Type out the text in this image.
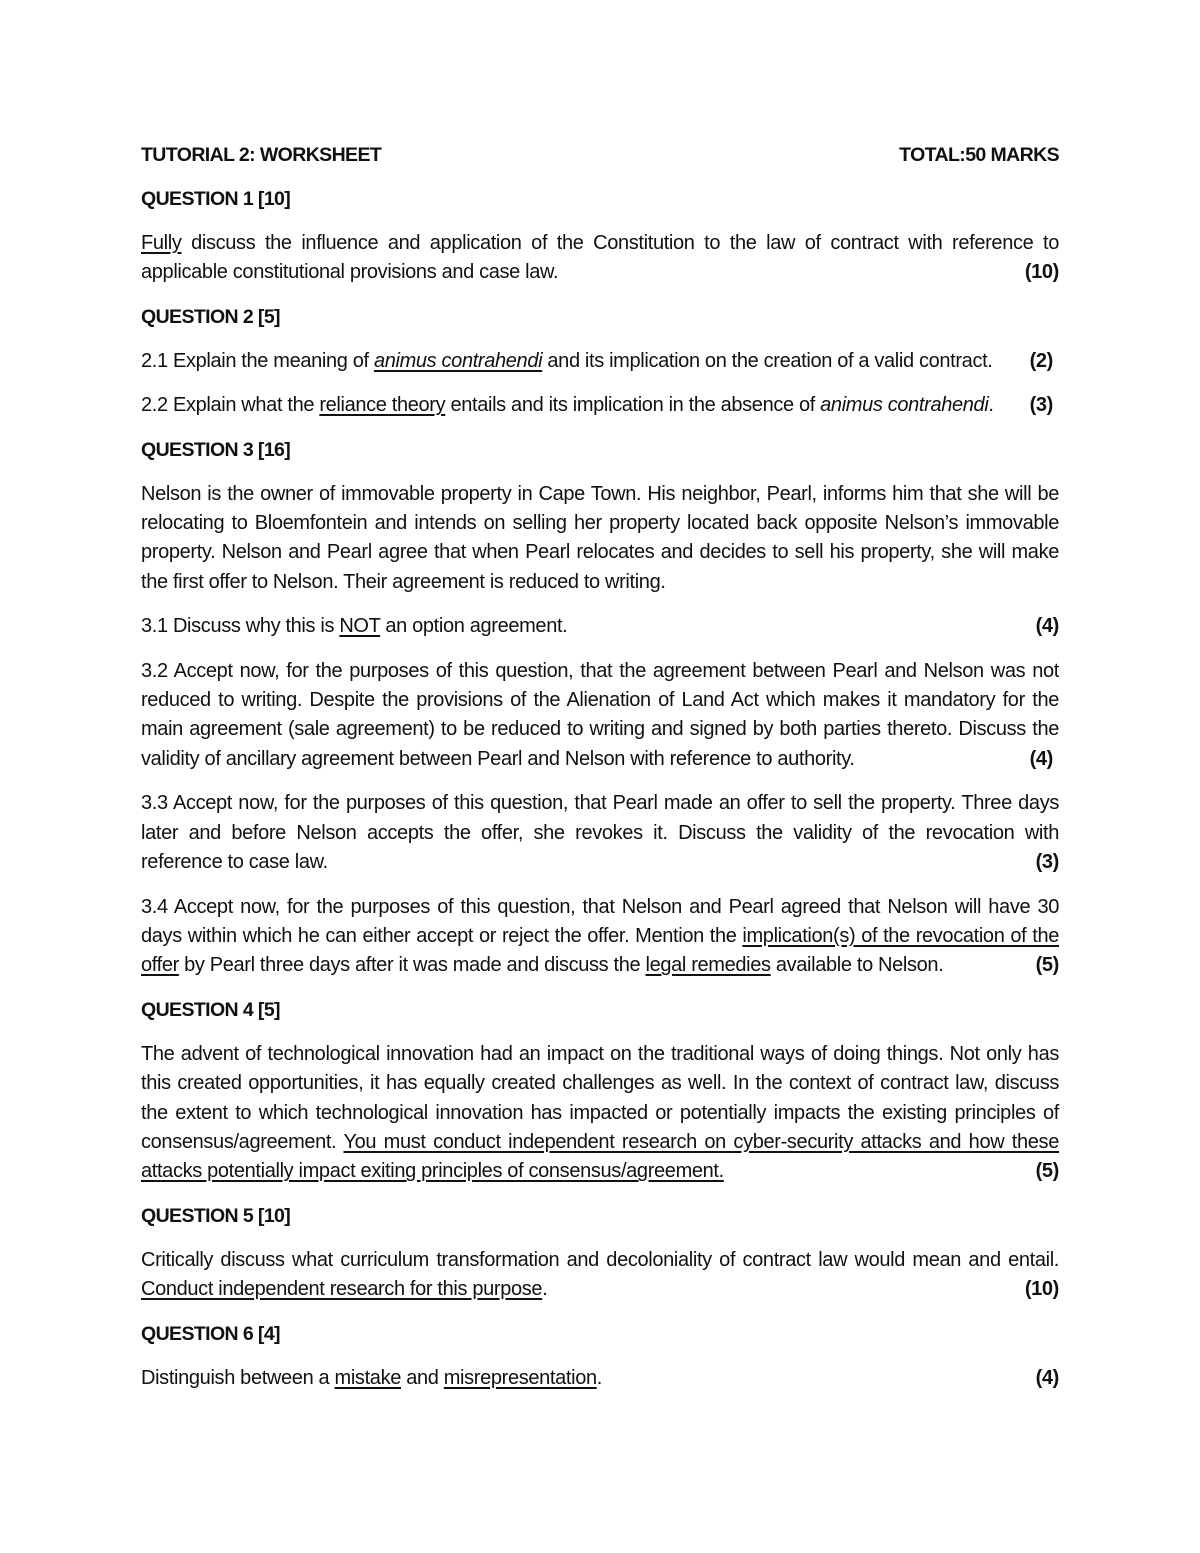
TUTORIAL 2: WORKSHEET	TOTAL:50 MARKS
QUESTION 1 [10]

Fully discuss the influence and application of the Constitution to the law of contract with reference to applicable constitutional provisions and case law.	(10)

QUESTION 2 [5]

2.1 Explain the meaning of animus contrahendi and its implication on the creation of a valid contract. (2)

2.2 Explain what the reliance theory entails and its implication in the absence of animus contrahendi. (3)

QUESTION 3 [16]

Nelson is the owner of immovable property in Cape Town. His neighbor, Pearl, informs him that she will be relocating to Bloemfontein and intends on selling her property located back opposite Nelson’s immovable property. Nelson and Pearl agree that when Pearl relocates and decides to sell his property, she will make the first offer to Nelson. Their agreement is reduced to writing.

3.1 Discuss why this is NOT an option agreement.	(4)

3.2 Accept now, for the purposes of this question, that the agreement between Pearl and Nelson was not reduced to writing. Despite the provisions of the Alienation of Land Act which makes it mandatory for the main agreement (sale agreement) to be reduced to writing and signed by both parties thereto. Discuss the validity of ancillary agreement between Pearl and Nelson with reference to authority.	(4)

3.3 Accept now, for the purposes of this question, that Pearl made an offer to sell the property. Three days later and before Nelson accepts the offer, she revokes it. Discuss the validity of the revocation with reference to case law.	(3)

3.4 Accept now, for the purposes of this question, that Nelson and Pearl agreed that Nelson will have 30 days within which he can either accept or reject the offer. Mention the implication(s) of the revocation of the offer by Pearl three days after it was made and discuss the legal remedies available to Nelson.	(5)

QUESTION 4 [5]

The advent of technological innovation had an impact on the traditional ways of doing things. Not only has this created opportunities, it has equally created challenges as well. In the context of contract law, discuss the extent to which technological innovation has impacted or potentially impacts the existing principles of consensus/agreement. You must conduct independent research on cyber-security attacks and how these attacks potentially impact exiting principles of consensus/agreement.	(5)

QUESTION 5 [10]

Critically discuss what curriculum transformation and decoloniality of contract law would mean and entail. Conduct independent research for this purpose.	(10)

QUESTION 6 [4]

Distinguish between a mistake and misrepresentation.	(4)
